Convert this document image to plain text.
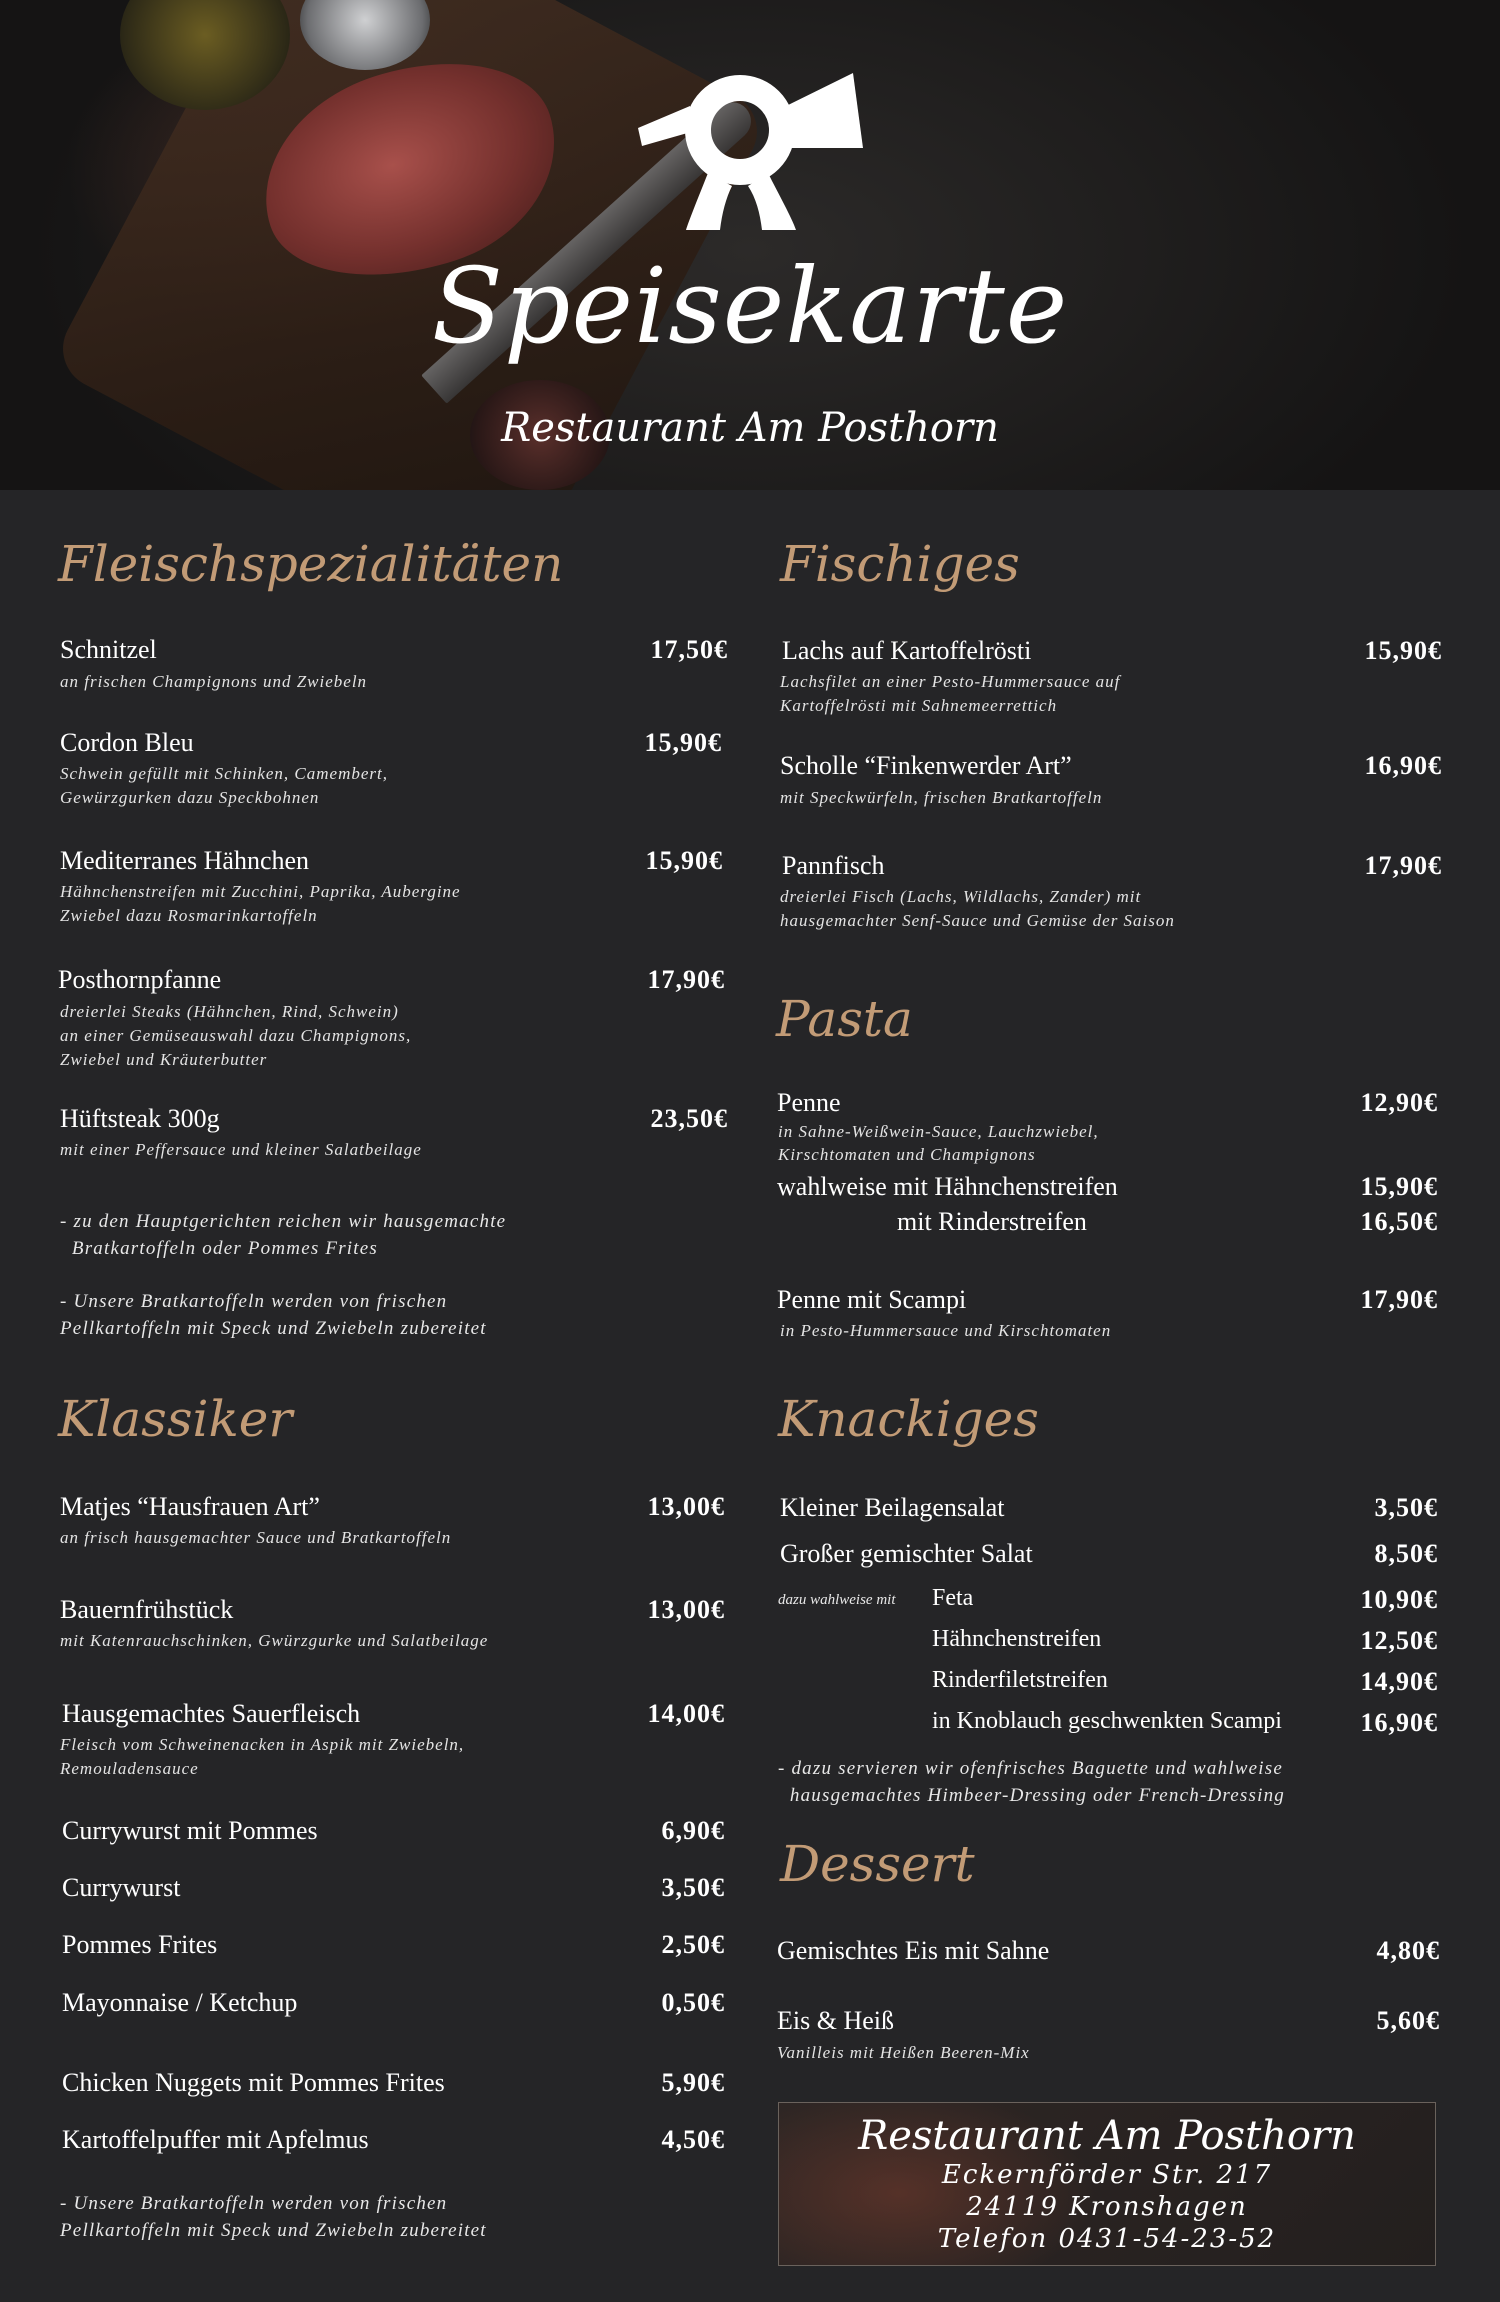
Speisekarte
Restaurant Am Posthorn
Fleischspezialitäten
Schnitzel	17,50€
an frischen Champignons und Zwiebeln
Cordon Bleu	15,90€
Schwein gefüllt mit Schinken, Camembert,
Gewürzgurken dazu Speckbohnen
Mediterranes Hähnchen	15,90€
Hähnchenstreifen mit Zucchini, Paprika, Aubergine
Zwiebel dazu Rosmarinkartoffeln
Posthornpfanne	17,90€
dreierlei Steaks (Hähnchen, Rind, Schwein)
an einer Gemüseauswahl dazu Champignons,
Zwiebel und Kräuterbutter
Hüftsteak 300g	23,50€
mit einer Peffersauce und kleiner Salatbeilage
- zu den Hauptgerichten reichen wir hausgemachte
Bratkartoffeln oder Pommes Frites
- Unsere Bratkartoffeln werden von frischen
Pellkartoffeln mit Speck und Zwiebeln zubereitet
Klassiker
Matjes “Hausfrauen Art”	13,00€
an frisch hausgemachter Sauce und Bratkartoffeln
Bauernfrühstück	13,00€
mit Katenrauchschinken, Gwürzgurke und Salatbeilage
Hausgemachtes Sauerfleisch	14,00€
Fleisch vom Schweinenacken in Aspik mit Zwiebeln,
Remouladensauce
Currywurst mit Pommes	6,90€
Currywurst	3,50€
Pommes Frites	2,50€
Mayonnaise / Ketchup	0,50€
Chicken Nuggets mit Pommes Frites	5,90€
Kartoffelpuffer mit Apfelmus	4,50€
- Unsere Bratkartoffeln werden von frischen
Pellkartoffeln mit Speck und Zwiebeln zubereitet
Fischiges
Lachs auf Kartoffelrösti	15,90€
Lachsfilet an einer Pesto-Hummersauce auf
Kartoffelrösti mit Sahnemeerrettich
Scholle “Finkenwerder Art”	16,90€
mit Speckwürfeln, frischen Bratkartoffeln
Pannfisch	17,90€
dreierlei Fisch (Lachs, Wildlachs, Zander) mit
hausgemachter Senf-Sauce und Gemüse der Saison
Pasta
Penne	12,90€
in Sahne-Weißwein-Sauce, Lauchzwiebel,
Kirschtomaten und Champignons
wahlweise mit Hähnchenstreifen	15,90€
mit Rinderstreifen	16,50€
Penne mit Scampi	17,90€
in Pesto-Hummersauce und Kirschtomaten
Knackiges
Kleiner Beilagensalat	3,50€
Großer gemischter Salat	8,50€
dazu wahlweise mit Feta	10,90€
Hähnchenstreifen	12,50€
Rinderfiletstreifen	14,90€
in Knoblauch geschwenkten Scampi	16,90€
- dazu servieren wir ofenfrisches Baguette und wahlweise
hausgemachtes Himbeer-Dressing oder French-Dressing
Dessert
Gemischtes Eis mit Sahne	4,80€
Eis & Heiß	5,60€
Vanilleis mit Heißen Beeren-Mix
Restaurant Am Posthorn
Eckernförder Str. 217
24119 Kronshagen
Telefon 0431-54-23-52
